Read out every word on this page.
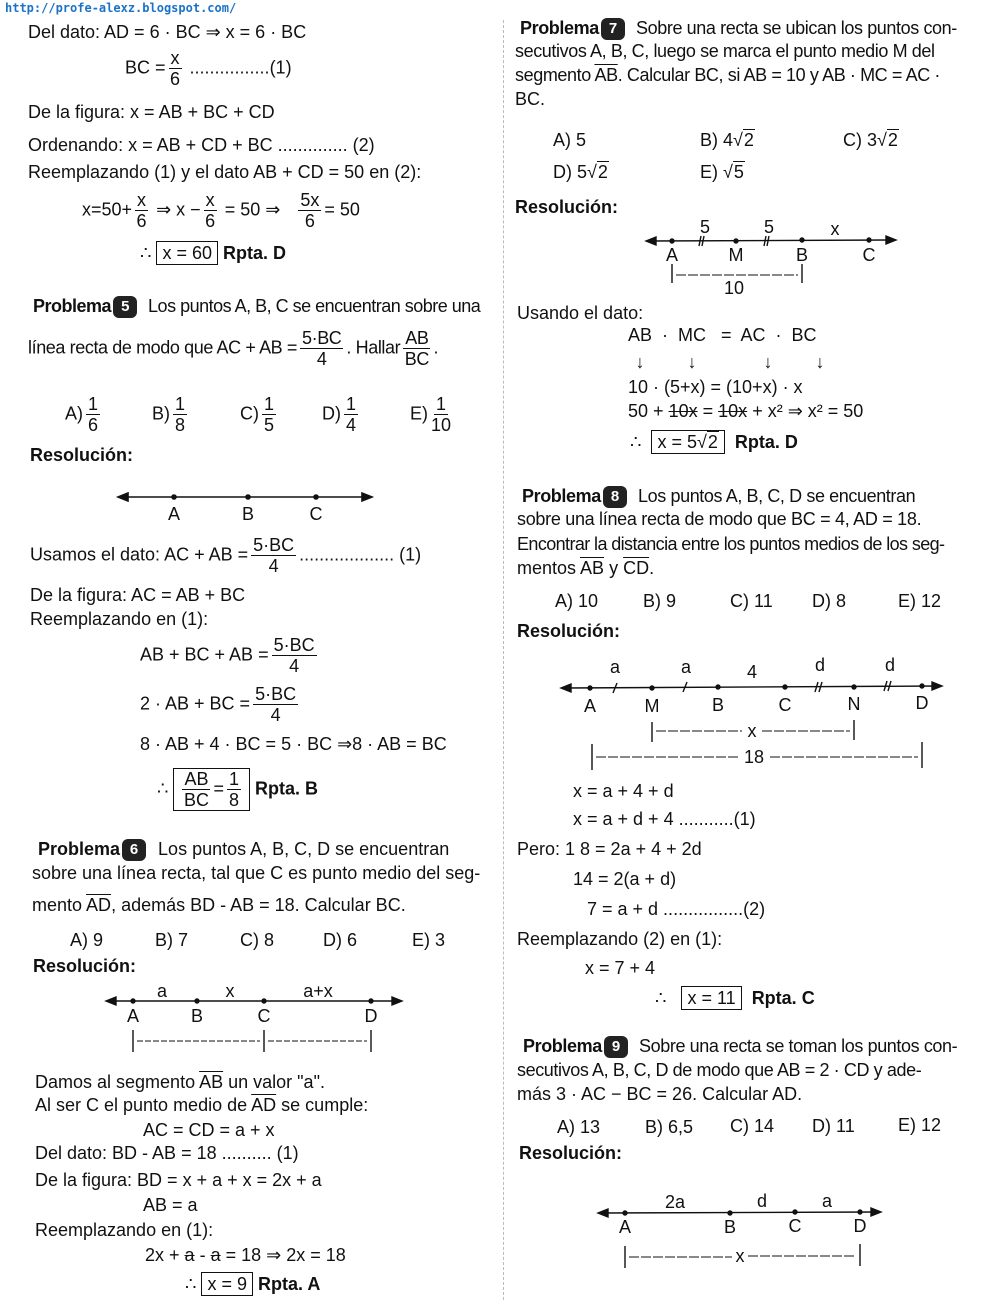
http://profe-alexz.blogspot.com/
Del dato: AD = 6 · BC ⇒ x = 6 · BC
BC = $\frac{x}{6} ................(1)$
De la figura: x = AB + BC + CD
Ordenando: x = AB + CD + BC .............. (2)
Reemplazando (1) y el dato AB + CD = 50 en (2):
$x=50+ \frac{x}{6}$ ⇒ $x - \frac{x}{6} = 50$ ⇒ $\frac{5x}{6} = 50$
∴ x = 60 Rpta. D
Problema 5 Los puntos A, B, C se encuentran sobre una
línea recta de modo que AC + AB = $\frac{5\cdot BC}{4}$ . Hallar $\frac{AB}{BC}$ .
$A) \frac{1}{6}$	$B) \frac{1}{8}$	$C) \frac{1}{5}$	$D) \frac{1}{4}$	$E) \frac{1}{10}$
Resolución:
A	B	C
Usamos el dato: AC + AB = $\frac{5\cdot BC}{4}$ ................... (1)
De la figura: AC = AB + BC
Reemplazando en (1):
AB + BC + AB = $\frac{5\cdot BC}{4}$
2 · AB + BC = $\frac{5\cdot BC}{4}$
8 · AB + 4 · BC = 5 · BC ⇒8 · AB = BC
∴ $\frac{AB}{BC} = \frac{1}{8}$ Rpta. B
Problema 6 Los puntos A, B, C, D se encuentran
sobre una línea recta, tal que C es punto medio del seg-
mento $\overline{AD}$, además BD - AB = 18. Calcular BC.
A) 9	B) 7	C) 8	D) 6	E) 3
Resolución:
a	x	a+x
A	B	C	D
Damos al segmento $\overline{AB}$ un valor "a".
Al ser C el punto medio de $\overline{AD}$ se cumple:
AC = CD = a + x
Del dato: BD - AB = 18 .......... (1)
De la figura: BD = x + a + x = 2x + a
AB = a
Reemplazando en (1):
2x + a - a = 18 ⇒ 2x = 18
∴ x = 9 Rpta. A
Problema 7 Sobre una recta se ubican los puntos con-
secutivos A, B, C, luego se marca el punto medio M del
segmento $\overline{AB}$. Calcular BC, si AB = 10 y AB · MC = AC ·
BC.
A) 5	B) 4√2	C) 3√2
D) 5√2	E) √5
Resolución:
5	5	x
A	M	B	C
10
Usando el dato:
AB  ·  MC   =  AC  ·  BC
↓ ↓	↓ ↓
10 · (5+x) = (10+x) · x
50 + 10x = 10x + x² ⇒ x² = 50
∴ x = 5√2 Rpta. D
Problema 8 Los puntos A, B, C, D se encuentran
sobre una línea recta de modo que BC = 4, AD = 18.
Encontrar la distancia entre los puntos medios de los seg-
mentos $\overline{AB}$ y $\overline{CD}$.
A) 10 B) 9	C) 11 D) 8	E) 12
Resolución:
a	a	4	d	d
A	M	B	C	N	D
x
18
x = a + 4 + d
x = a + d + 4 ...........(1)
Pero: 1 8 = 2a + 4 + 2d
14 = 2(a + d)
7 = a + d ................(2)
Reemplazando (2) en (1):
x = 7 + 4
∴ x = 11 Rpta. C
Problema 9 Sobre una recta se toman los puntos con-
secutivos A, B, C, D de modo que AB = 2 · CD y ade-
más 3 · AC − BC = 26. Calcular AD.
A) 13 B) 6,5 C) 14 D) 11 E) 12
Resolución:
2a	d	a
A	B	C	D
x
